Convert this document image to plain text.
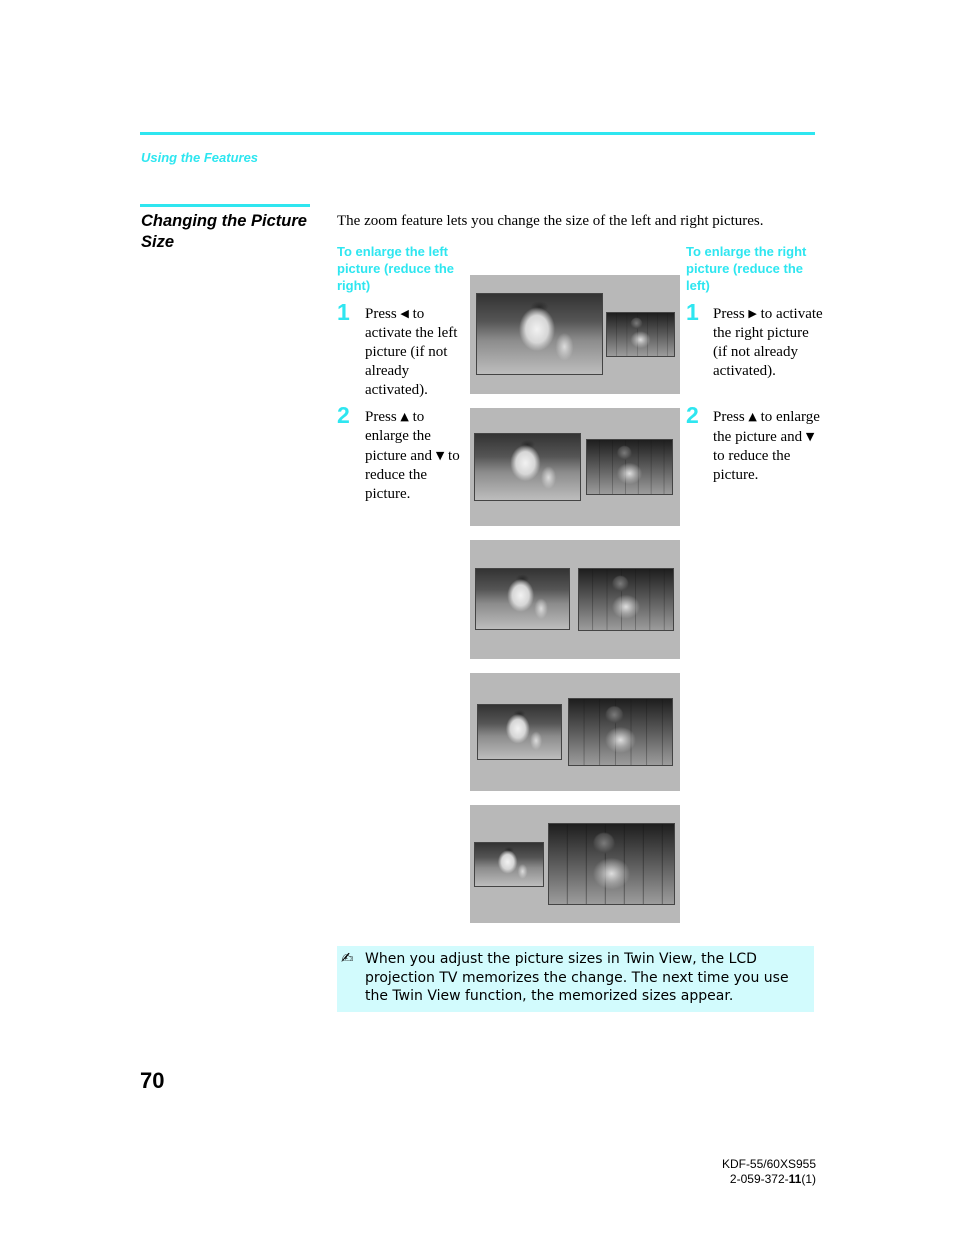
Using the Features
Changing the Picture Size
The zoom feature lets you change the size of the left and right pictures.
To enlarge the left picture (reduce the right)
1 Press ◀ to activate the left picture (if not already activated).
2 Press ▲ to enlarge the picture and ▼ to reduce the picture.
To enlarge the right picture (reduce the left)
1 Press ▶ to activate the right picture (if not already activated).
2 Press ▲ to enlarge the picture and ▼ to reduce the picture.
✍ When you adjust the picture sizes in Twin View, the LCD projection TV memorizes the change. The next time you use the Twin View function, the memorized sizes appear.
70
KDF-55/60XS955
2-059-372-11(1)
